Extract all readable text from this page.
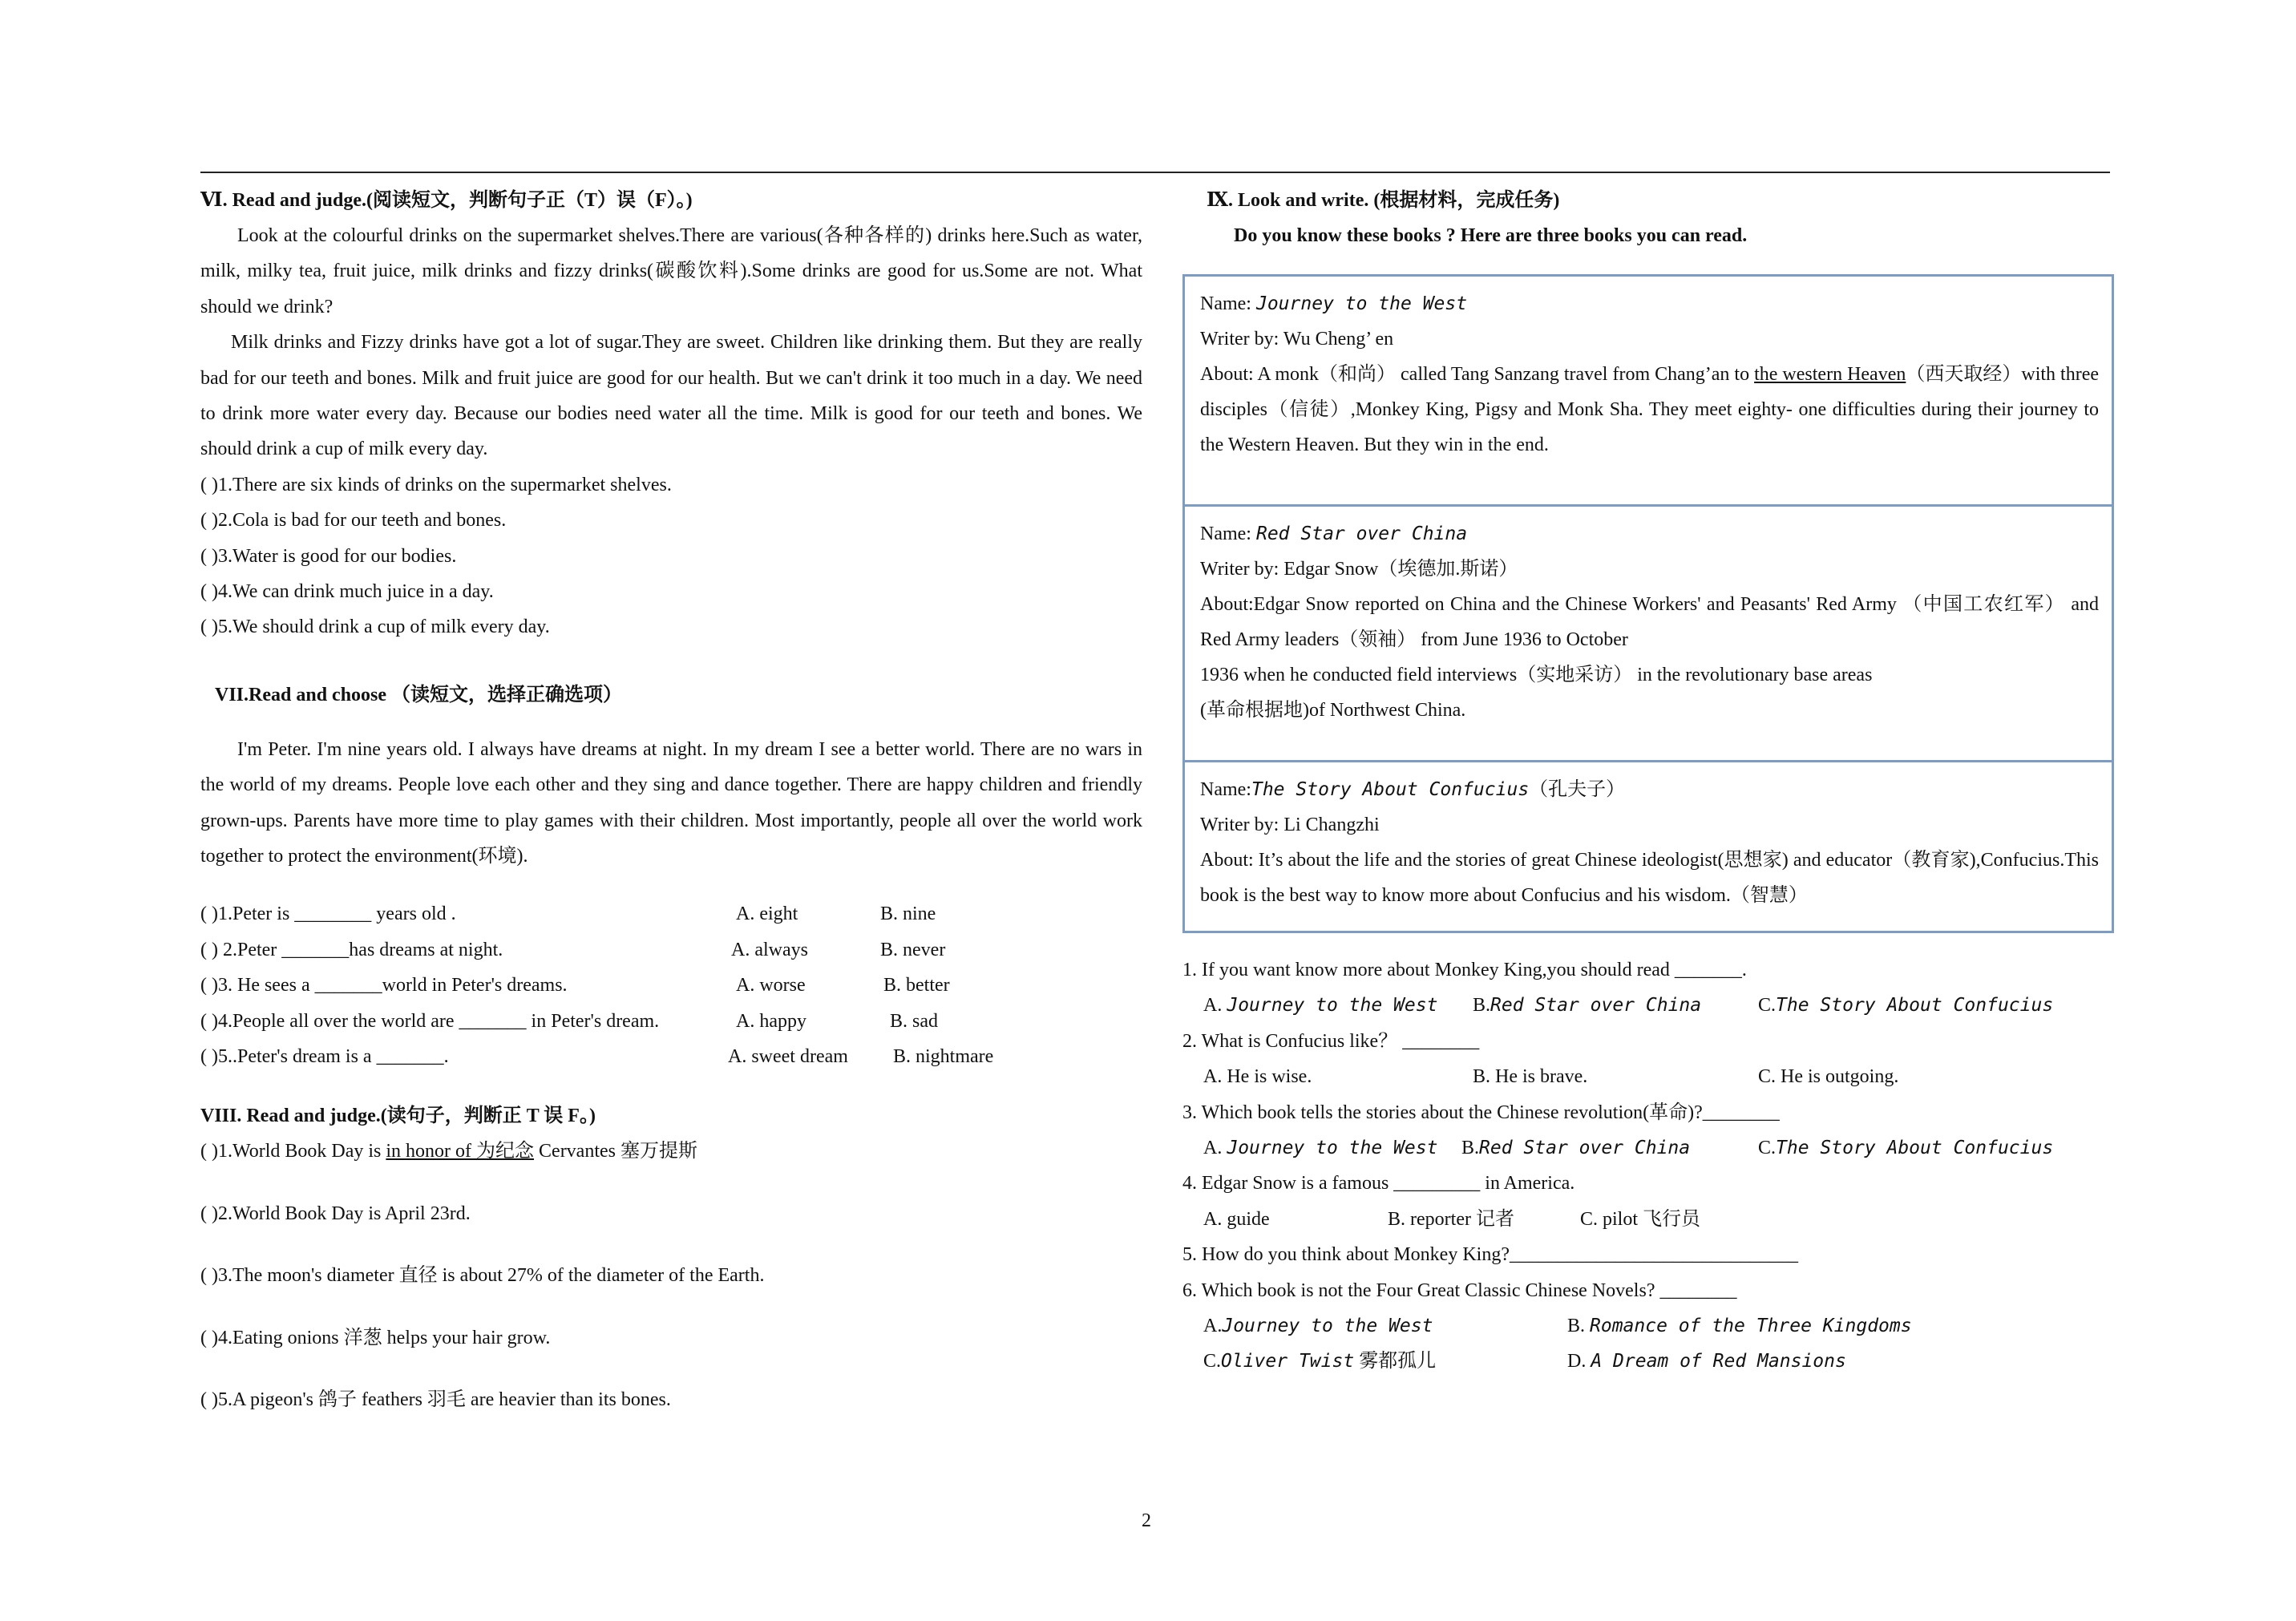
Ⅵ. Read and judge.(阅读短文，判断句子正（T）误（F）。)

Look at the colourful drinks on the supermarket shelves.There are various(各种各样的) drinks here.Such as water, milk, milky tea, fruit juice, milk drinks and fizzy drinks(碳酸饮料).Some drinks are good for us.Some are not. What should we drink?

Milk drinks and Fizzy drinks have got a lot of sugar.They are sweet. Children like drinking them. But they are really bad for our teeth and bones. Milk and fruit juice are good for our health. But we can't drink it too much in a day. We need to drink more water every day. Because our bodies need water all the time. Milk is good for our teeth and bones. We should drink a cup of milk every day.

( )1.There are six kinds of drinks on the supermarket shelves.
( )2.Cola is bad for our teeth and bones.
( )3.Water is good for our bodies.
( )4.We can drink much juice in a day.
( )5.We should drink a cup of milk every day.
VII.Read and choose （读短文，选择正确选项）

I'm Peter. I'm nine years old. I always have dreams at night. In my dream I see a better world. There are no wars in the world of my dreams. People love each other and they sing and dance together. There are happy children and friendly grown-ups. Parents have more time to play games with their children. Most importantly, people all over the world work together to protect the environment(环境).

( )1.Peter is ________ years old .	A. eight	B. nine
( ) 2.Peter _______has dreams at night.	A. always	B. never
( )3. He sees a _______world in Peter's dreams.	A. worse	B. better
( )4.People all over the world are _______ in Peter's dream.	A. happy	B. sad
( )5..Peter's dream is a _______.	A. sweet dream B. nightmare
VIII. Read and judge.(读句子，判断正 T 误 F。)
( )1.World Book Day is in honor of 为纪念 Cervantes 塞万提斯
( )2.World Book Day is April 23rd.
( )3.The moon's diameter 直径 is about 27% of the diameter of the Earth.
( )4.Eating onions 洋葱 helps your hair grow.
( )5.A pigeon's 鸽子 feathers 羽毛 are heavier than its bones.
Ⅸ. Look and write. (根据材料，完成任务)
Do you know these books ? Here are three books you can read.
Name: Journey to the West
Writer by: Wu Cheng’ en
About: A monk（和尚） called Tang Sanzang travel from Chang’an to the western Heaven（西天取经）with three disciples（信徒）,Monkey King, Pigsy and Monk Sha. They meet eighty- one difficulties during their journey to the Western Heaven. But they win in the end.
Name: Red Star over China
Writer by: Edgar Snow（埃德加.斯诺）
About:Edgar Snow reported on China and the Chinese Workers' and Peasants' Red Army （中国工农红军） and Red Army leaders（领袖） from June 1936 to October
1936 when he conducted field interviews（实地采访） in the revolutionary base areas
(革命根据地)of Northwest China.
Name:The Story About Confucius（孔夫子）
Writer by: Li Changzhi
About: It’s about the life and the stories of great Chinese ideologist(思想家) and educator（教育家),Confucius.This book is the best way to know more about Confucius and his wisdom.（智慧）
1. If you want know more about Monkey King,you should read _______.
A. Journey to the West B.Red Star over China	C.The Story About Confucius
2. What is Confucius like？ ________
A. He is wise.	B. He is brave.	C. He is outgoing.
3. Which book tells the stories about the Chinese revolution(革命)?________
A. Journey to the West B.Red Star over China	C.The Story About Confucius
4. Edgar Snow is a famous _________ in America.
A. guide	B. reporter 记者	C. pilot 飞行员
5. How do you think about Monkey King?______________________________
6. Which book is not the Four Great Classic Chinese Novels? ________
A.Journey to the West	B. Romance of the Three Kingdoms
C.Oliver Twist 雾都孤儿	D. A Dream of Red Mansions
2
